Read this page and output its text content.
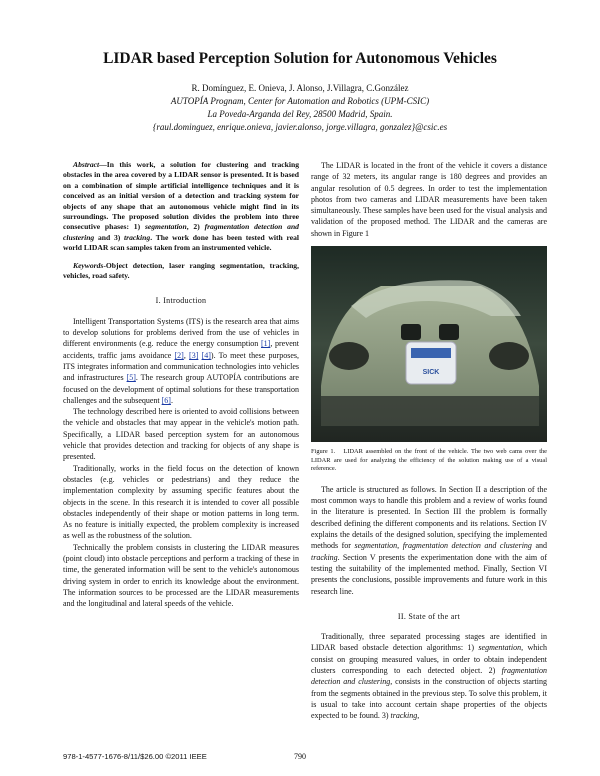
LIDAR based Perception Solution for Autonomous Vehicles
R. Domínguez, E. Onieva, J. Alonso, J.Villagra, C.González
AUTOPÍA Prognam, Center for Automation and Robotics (UPM-CSIC)
La Poveda-Arganda del Rey, 28500 Madrid, Spain.
{raul.dominguez, enrique.onieva, javier.alonso, jorge.villagra, gonzalez}@csic.es

Abstract—In this work, a solution for clustering and tracking obstacles in the area covered by a LIDAR sensor is presented. It is based on a combination of simple artificial intelligence techniques and it is conceived as an initial version of a detection and tracking system for objects of any shape that an autonomous vehicle might find in its surroundings. The proposed solution divides the problem into three consecutive phases: 1) segmentation, 2) fragmentation detection and clustering and 3) tracking. The work done has been tested with real world LIDAR scan samples taken from an instrumented vehicle.

Keywords-Object detection, laser ranging segmentation, tracking, vehicles, road safety.

I. Introduction

Intelligent Transportation Systems (ITS) is the research area that aims to develop solutions for problems derived from the use of vehicles in different environments (e.g. reduce the energy consumption [1], prevent accidents, traffic jams avoidance [2], [3] [4]). To meet these purposes, ITS integrates information and communication technologies into vehicles and infrastructures [5]. The research group AUTOPÍA contributions are focused on the development of optimal solutions for these transportation challenges and the subsequent [6].

The technology described here is oriented to avoid collisions between the vehicle and obstacles that may appear in the vehicle's motion path. Specifically, a LIDAR based perception system for an autonomous vehicle that provides detection and tracking for objects of any shape is presented.

Traditionally, works in the field focus on the detection of known obstacles (e.g. vehicles or pedestrians) and they reduce the implementation complexity by assuming specific features about the objects in the scene. In this research it is intended to cover all possible obstacles independently of their shape or motion patterns in long term. As no feature is initially expected, the problem complexity is increased as well as the robustness of the solution.

Technically the problem consists in clustering the LIDAR measures (point cloud) into obstacle perceptions and perform a tracking of these in time, the generated information will be sent to the vehicle's autonomous driving system in order to enrich its knowledge about the environment. The information sources to be processed are the LIDAR measurements and the longitudinal and lateral speeds of the vehicle.

The LIDAR is located in the front of the vehicle it covers a distance range of 32 meters, its angular range is 180 degrees and provides an angular resolution of 0.5 degrees. In order to test the implementation photos from two cameras and LIDAR measurements have been taken simultaneously. These samples have been used for the visual analysis and validation of the proposed method. The LIDAR and the cameras are shown in Figure 1

SICK
Figure 1. LIDAR assembled on the front of the vehicle. The two web cams over the LIDAR are used for analyzing the efficiency of the solution making use of a visual reference.

The article is structured as follows. In Section II a description of the most common ways to handle this problem and a review of works found in the literature is presented. In Section III the problem is formally described defining the different components and its relations. Section IV explains the details of the designed solution, specifying the implemented methods for segmentation, fragmentation detection and clustering and tracking. Section V presents the experimentation done with the aim of testing the suitability of the implemented method. Finally, Section VI presents the conclusions, possible improvements and future work in this research line.

II. State of the art

Traditionally, three separated processing stages are identified in LIDAR based obstacle detection algorithms: 1) segmentation, which consist on grouping measured values, in order to obtain independent clusters corresponding to each detected object. 2) fragmentation detection and clustering, consists in the construction of objects starting from the segments obtained in the previous step. To solve this problem, it is usual to take into account certain shape properties of the objects expected to be found. 3) tracking,

978-1-4577-1676-8/11/$26.00 ©2011 IEEE	790
